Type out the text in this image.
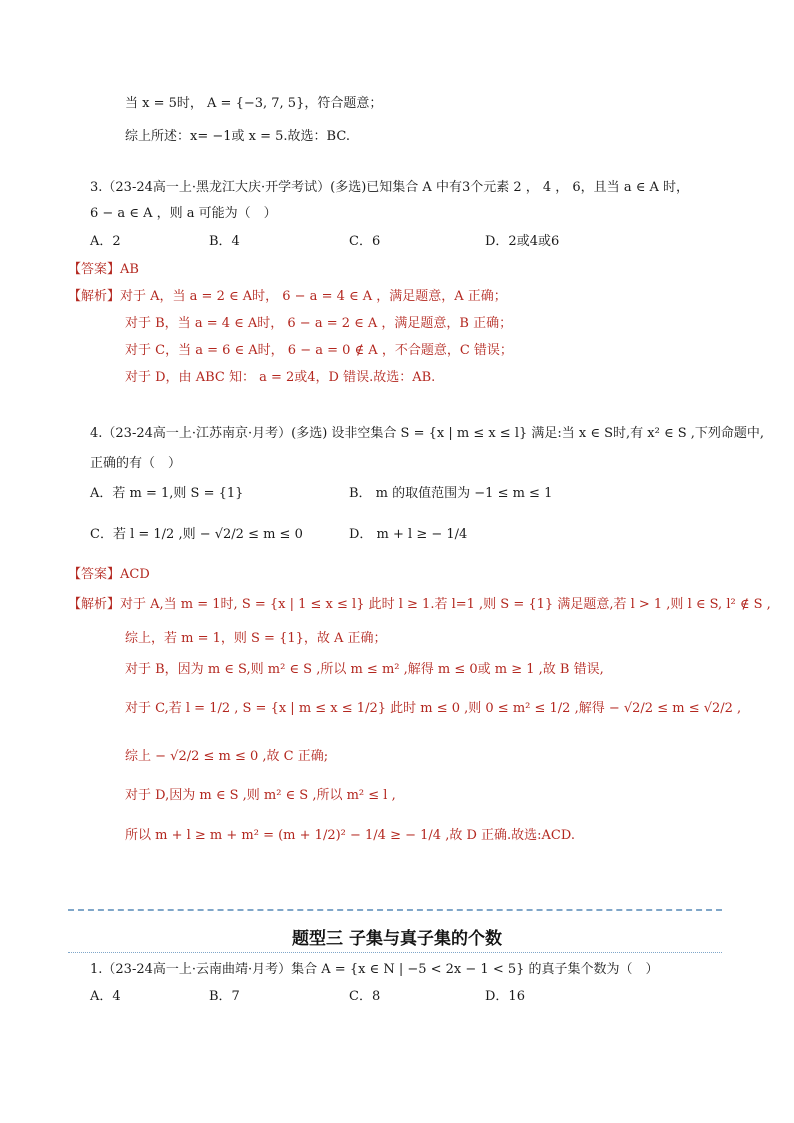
当 x = 5时， A = {−3, 7, 5}，符合题意；
综上所述：x= −1或 x = 5.故选：BC.
3.（23-24高一上·黑龙江大庆·开学考试）(多选)已知集合 A 中有3个元素 2 ， 4 ， 6，且当 a ∈ A 时，
6 − a ∈ A ，则 a 可能为（　）
A．2	B．4	C．6	D．2或4或6
【答案】AB
【解析】对于 A，当 a = 2 ∈ A时， 6 − a = 4 ∈ A ，满足题意，A 正确；
对于 B，当 a = 4 ∈ A时， 6 − a = 2 ∈ A ，满足题意，B 正确；
对于 C，当 a = 6 ∈ A时， 6 − a = 0 ∉ A ，不合题意，C 错误；
对于 D，由 ABC 知： a = 2或4，D 错误.故选：AB.
4.（23-24高一上·江苏南京·月考）(多选) 设非空集合 S = {x | m ≤ x ≤ l} 满足:当 x ∈ S时,有 x² ∈ S ,下列命题中,
正确的有（　）
A．若 m = 1,则 S = {1}	B． m 的取值范围为 −1 ≤ m ≤ 1
C．若 l = 1/2 ,则 − √2/2 ≤ m ≤ 0	D． m + l ≥ − 1/4
【答案】ACD
【解析】对于 A,当 m = 1时, S = {x | 1 ≤ x ≤ l} 此时 l ≥ 1.若 l=1 ,则 S = {1} 满足题意,若 l > 1 ,则 l ∈ S, l² ∉ S ,
综上，若 m = 1，则 S = {1}，故 A 正确；
对于 B，因为 m ∈ S,则 m² ∈ S ,所以 m ≤ m² ,解得 m ≤ 0或 m ≥ 1 ,故 B 错误,
对于 C,若 l = 1/2 , S = {x | m ≤ x ≤ 1/2} 此时 m ≤ 0 ,则 0 ≤ m² ≤ 1/2 ,解得 − √2/2 ≤ m ≤ √2/2 ,
综上 − √2/2 ≤ m ≤ 0 ,故 C 正确;
对于 D,因为 m ∈ S ,则 m² ∈ S ,所以 m² ≤ l ,
所以 m + l ≥ m + m² = (m + 1/2)² − 1/4 ≥ − 1/4 ,故 D 正确.故选:ACD.
题型三 子集与真子集的个数
1.（23-24高一上·云南曲靖·月考）集合 A = {x ∈ N | −5 < 2x − 1 < 5} 的真子集个数为（　）
A．4	B．7	C．8	D．16
